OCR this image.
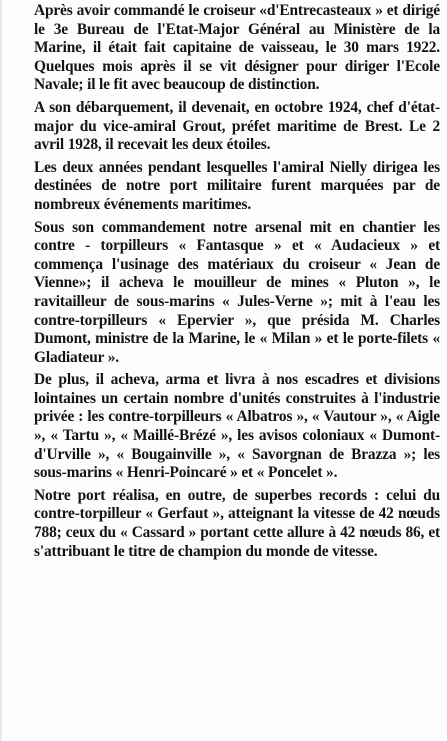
Après avoir commandé le croiseur «d'Entrecasteaux » et dirigé le 3e Bureau de l'Etat-Major Général au Ministère de la Marine, il était fait capitaine de vaisseau, le 30 mars 1922. Quelques mois après il se vit désigner pour diriger l'Ecole Navale; il le fit avec beaucoup de distinction.

A son débarquement, il devenait, en octobre 1924, chef d'état-major du vice-amiral Grout, préfet maritime de Brest. Le 2 avril 1928, il recevait les deux étoiles.

Les deux années pendant lesquelles l'amiral Nielly dirigea les destinées de notre port militaire furent marquées par de nombreux événements maritimes.

Sous son commandement notre arsenal mit en chantier les contre - torpilleurs « Fantasque » et « Audacieux » et commença l'usinage des matériaux du croiseur « Jean de Vienne»; il acheva le mouilleur de mines « Pluton », le ravitailleur de sous-marins « Jules-Verne »; mit à l'eau les contre-torpilleurs « Epervier », que présida M. Charles Dumont, ministre de la Marine, le « Milan » et le porte-filets « Gladiateur ».

De plus, il acheva, arma et livra à nos escadres et divisions lointaines un certain nombre d'unités construites à l'industrie privée : les contre-torpilleurs « Albatros », « Vautour », « Aigle », « Tartu », « Maillé-Brézé », les avisos coloniaux « Dumont-d'Urville », « Bougainville », « Savorgnan de Brazza »; les sous-marins « Henri-Poincaré » et « Poncelet ».

Notre port réalisa, en outre, de superbes records : celui du contre-torpilleur « Gerfaut », atteignant la vitesse de 42 nœuds 788; ceux du « Cassard » portant cette allure à 42 nœuds 86, et s'attribuant le titre de champion du monde de vitesse.
